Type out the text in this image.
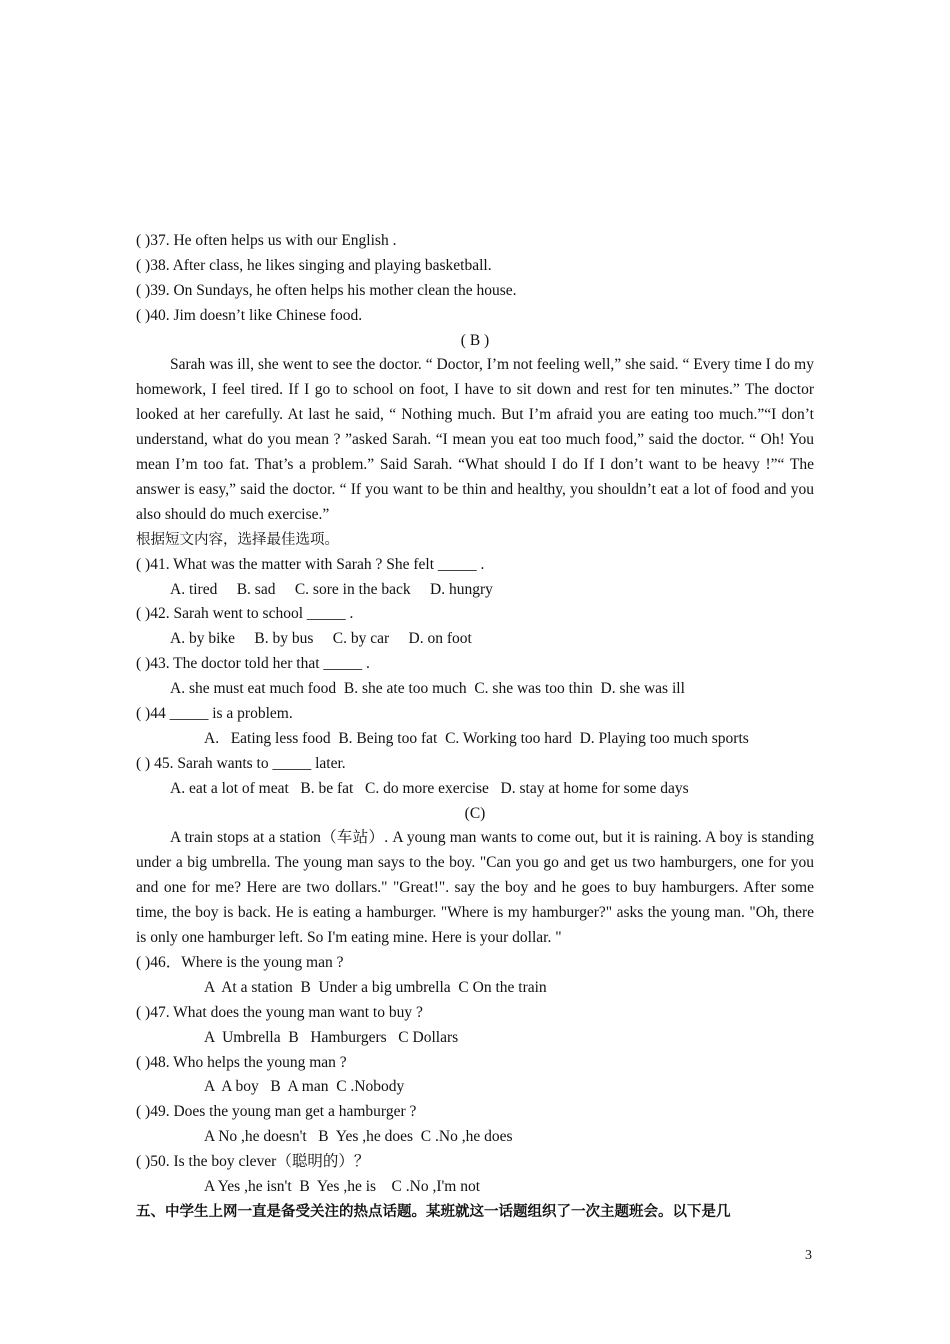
( )37. He often helps us with our English .
( )38. After class, he likes singing and playing basketball.
( )39. On Sundays, he often helps his mother clean the house.
( )40. Jim doesn’t like Chinese food.
( B )
Sarah was ill, she went to see the doctor. “ Doctor, I’m not feeling well,” she said. “ Every time I do my homework, I feel tired. If I go to school on foot, I have to sit down and rest for ten minutes.” The doctor looked at her carefully. At last he said, “ Nothing much. But I’m afraid you are eating too much.”“I don’t understand, what do you mean ? ”asked Sarah. “I mean you eat too much food,” said the doctor. “ Oh! You mean I’m too fat. That’s a problem.” Said Sarah. “What should I do If I don’t want to be heavy !”“ The answer is easy,” said the doctor. “ If you want to be thin and healthy, you shouldn’t eat a lot of food and you also should do much exercise.”
根据短文内容，选择最佳选项。
( )41. What was the matter with Sarah ? She felt _____ .
A. tired     B. sad     C. sore in the back     D. hungry
( )42. Sarah went to school _____ .
A. by bike     B. by bus     C. by car     D. on foot
( )43. The doctor told her that _____ .
A. she must eat much food  B. she ate too much  C. she was too thin  D. she was ill
( )44 _____ is a problem.
A.   Eating less food  B. Being too fat  C. Working too hard  D. Playing too much sports
( ) 45. Sarah wants to _____ later.
A. eat a lot of meat   B. be fat   C. do more exercise   D. stay at home for some days
(C)
A train stops at a station（车站）. A young man wants to come out, but it is raining. A boy is standing under a big umbrella. The young man says to the boy. "Can you go and get us two hamburgers, one for you and one for me? Here are two dollars." "Great!". say the boy and he goes to buy hamburgers. After some time, the boy is back. He is eating a hamburger. "Where is my hamburger?" asks the young man. "Oh, there is only one hamburger left. So I'm eating mine. Here is your dollar. "
( )46．Where is the young man ?
A  At a station  B  Under a big umbrella  C On the train
( )47. What does the young man want to buy ?
A  Umbrella  B   Hamburgers   C Dollars
( )48. Who helps the young man ?
A  A boy   B  A man  C .Nobody
( )49. Does the young man get a hamburger ?
A No ,he doesn't   B  Yes ,he does  C .No ,he does
( )50. Is the boy clever（聪明的）？
A Yes ,he isn't  B  Yes ,he is    C .No ,I'm not
五、中学生上网一直是备受关注的热点话题。某班就这一话题组织了一次主题班会。以下是几
3
